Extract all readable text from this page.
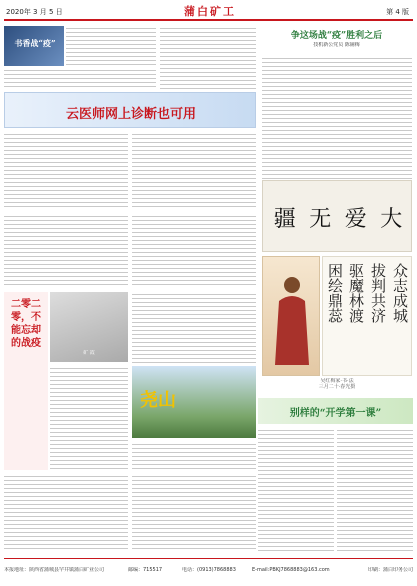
2020年 3 月 5 日	蒲白矿工	第 4 版
书香战“疫”
云医师网上诊断也可用
争这场战“疫”胜利之后
技机新公党员 陈铺梅
疆 无 爱 大
众志成城
拔判共济
驱魔林渡
困绘鼎蕊
二零二零，不能忘却的战疫
矿 霞
尧山
吴红梅家·书·法
三月二十·春光摄
别样的“开学第一课”
本报地址：陕西省蒲城县罕井镇蒲白矿业公司	邮编：715517	电话：(0913)7868883	E-mail:PBKJ7868883@163.com	印刷：蒲白印务公司
